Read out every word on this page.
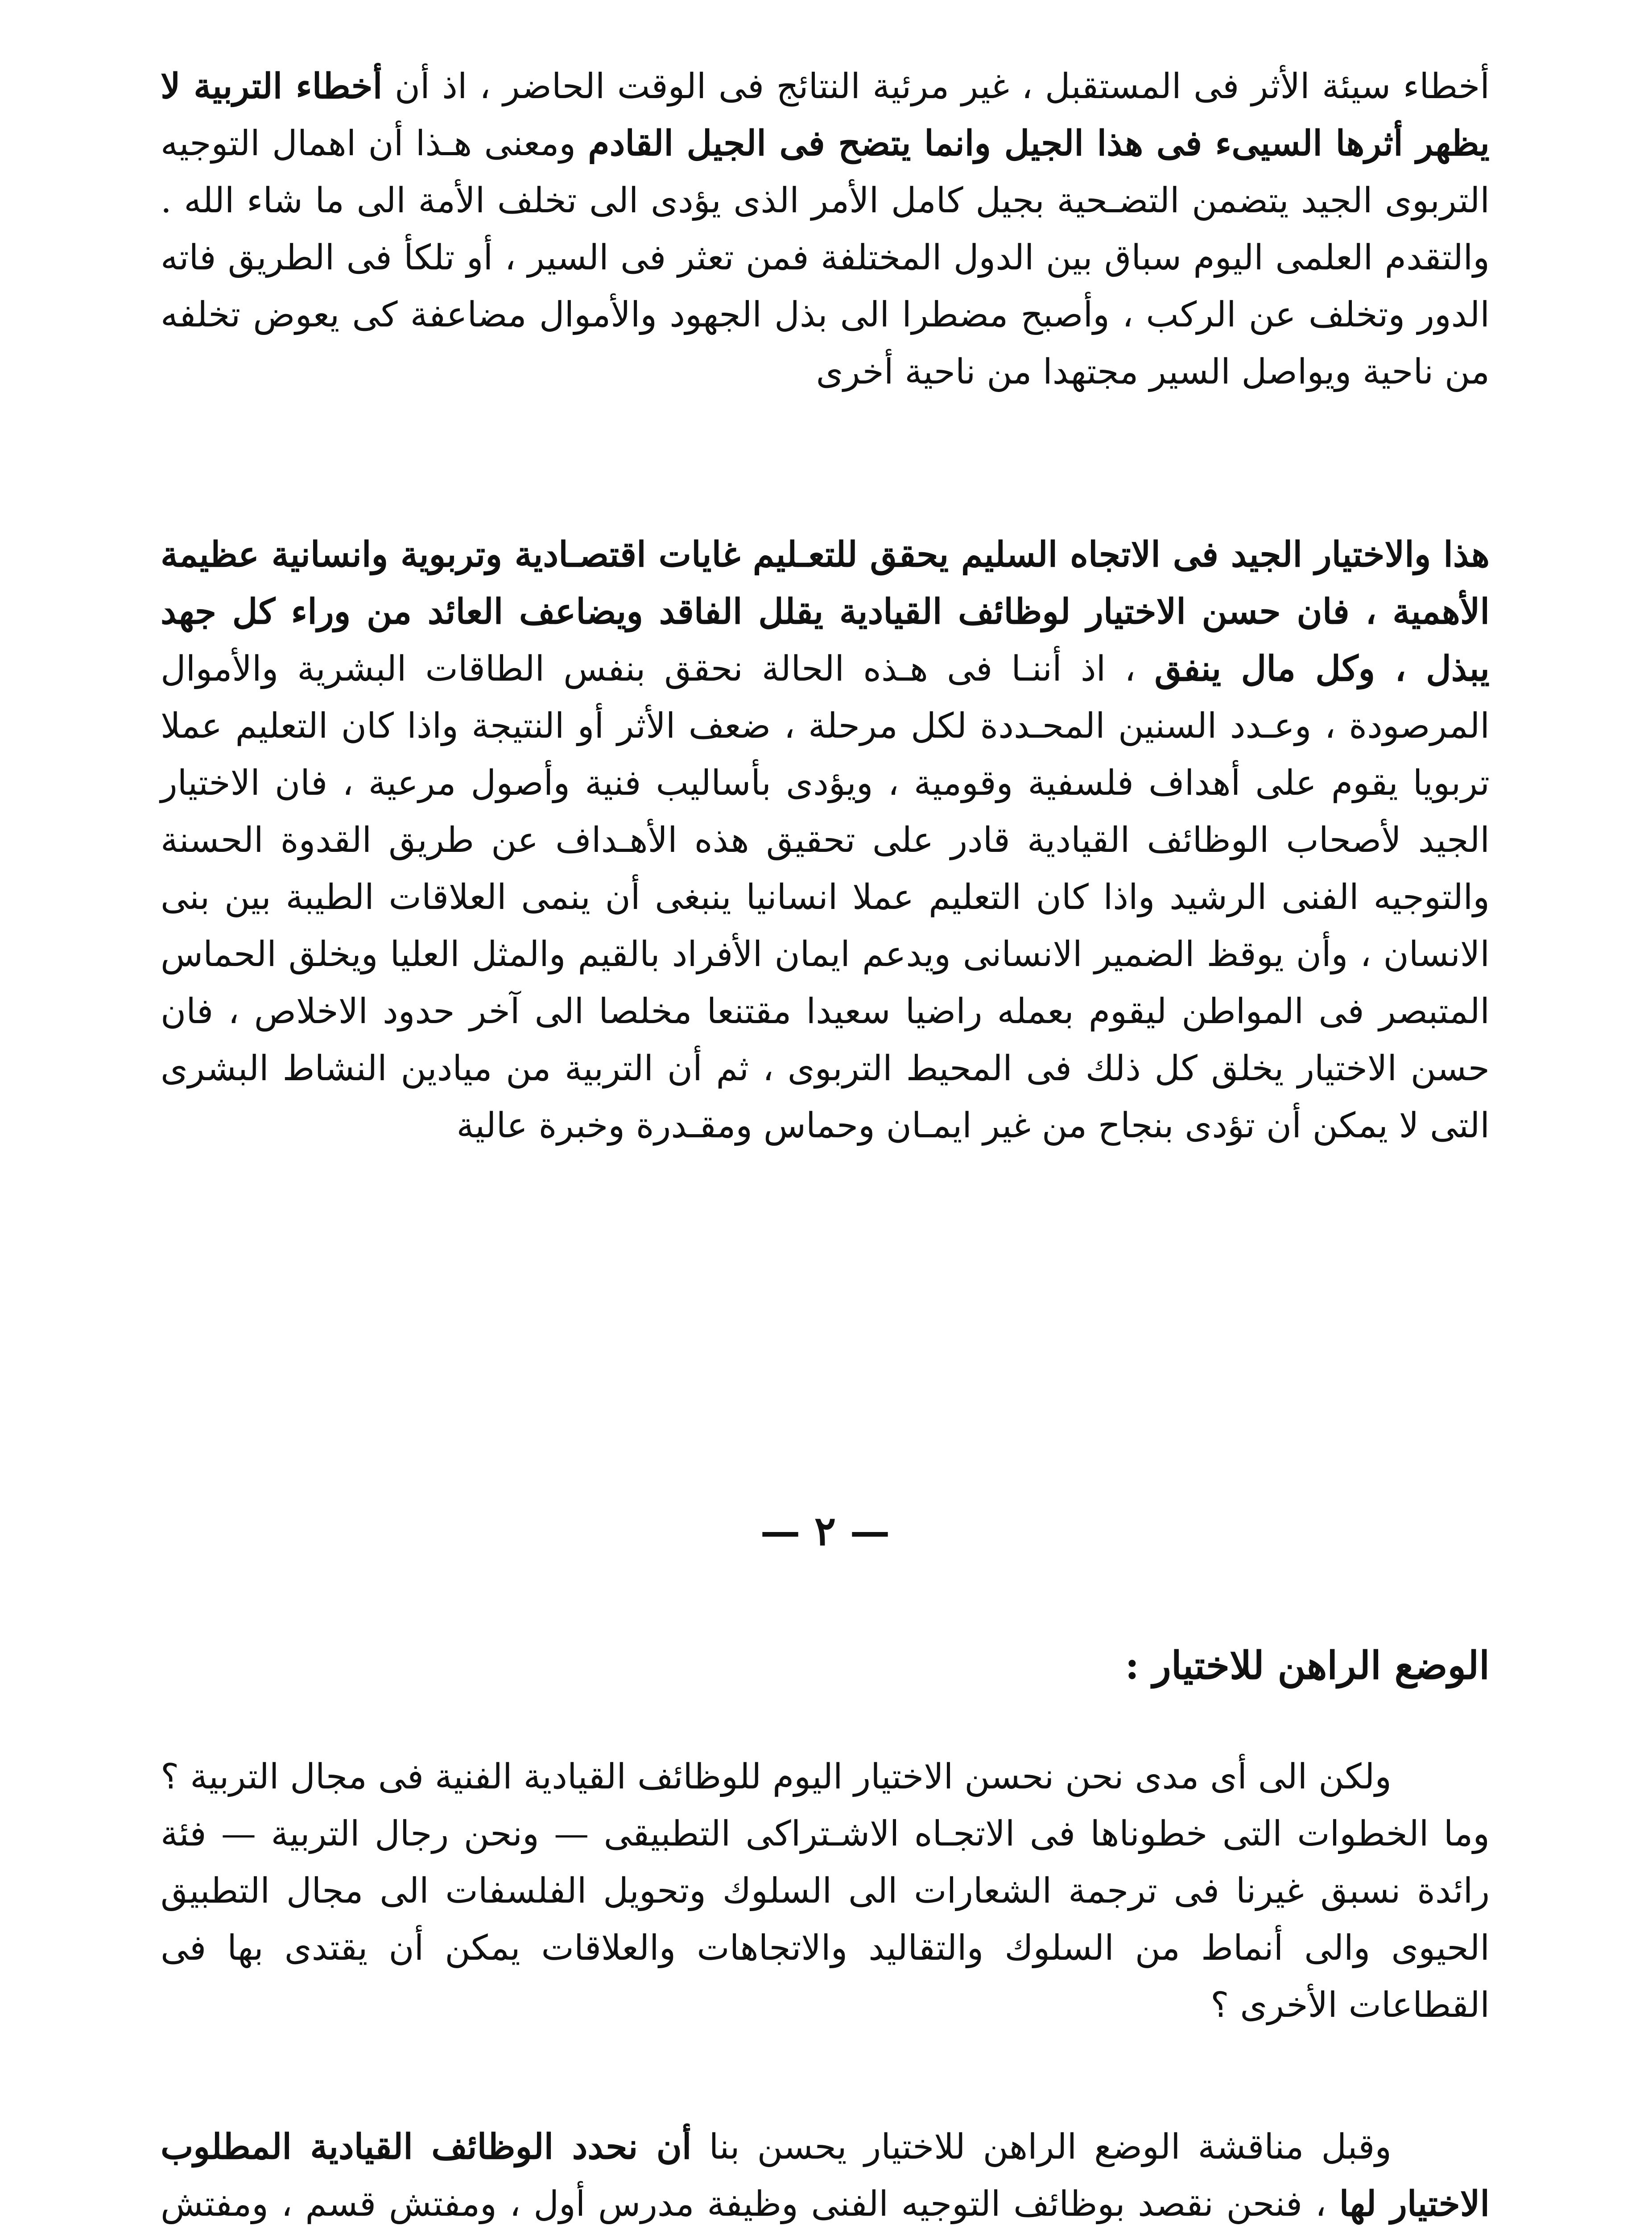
أخطاء سيئة الأثر فى المستقبل ، غير مرئية النتائج فى الوقت الحاضر ، اذ أن أخطاء التربية لا يظهر أثرها السيىء فى هذا الجيل وانما يتضح فى الجيل القادم ومعنى هـذا أن اهمال التوجيه التربوى الجيد يتضمن التضـحية بجيل كامل الأمر الذى يؤدى الى تخلف الأمة الى ما شاء الله . والتقدم العلمى اليوم سباق بين الدول المختلفة فمن تعثر فى السير ، أو تلكأ فى الطريق فاته الدور وتخلف عن الركب ، وأصبح مضطرا الى بذل الجهود والأموال مضاعفة كى يعوض تخلفه من ناحية ويواصل السير مجتهدا من ناحية أخرى

هذا والاختيار الجيد فى الاتجاه السليم يحقق للتعـليم غايات اقتصـادية وتربوية وانسانية عظيمة الأهمية ، فان حسن الاختيار لوظائف القيادية يقلل الفاقد ويضاعف العائد من وراء كل جهد يبذل ، وكل مال ينفق ، اذ أننـا فى هـذه الحالة نحقق بنفس الطاقات البشرية والأموال المرصودة ، وعـدد السنين المحـددة لكل مرحلة ، ضعف الأثر أو النتيجة واذا كان التعليم عملا تربويا يقوم على أهداف فلسفية وقومية ، ويؤدى بأساليب فنية وأصول مرعية ، فان الاختيار الجيد لأصحاب الوظائف القيادية قادر على تحقيق هذه الأهـداف عن طريق القدوة الحسنة والتوجيه الفنى الرشيد واذا كان التعليم عملا انسانيا ينبغى أن ينمى العلاقات الطيبة بين بنى الانسان ، وأن يوقظ الضمير الانسانى ويدعم ايمان الأفراد بالقيم والمثل العليا ويخلق الحماس المتبصر فى المواطن ليقوم بعمله راضيا سعيدا مقتنعا مخلصا الى آخر حدود الاخلاص ، فان حسن الاختيار يخلق كل ذلك فى المحيط التربوى ، ثم أن التربية من ميادين النشاط البشرى التى لا يمكن أن تؤدى بنجاح من غير ايمـان وحماس ومقـدرة وخبرة عالية

— ٢ —
الوضع الراهن للاختيار :

ولكن الى أى مدى نحن نحسن الاختيار اليوم للوظائف القيادية الفنية فى مجال التربية ؟ وما الخطوات التى خطوناها فى الاتجـاه الاشـتراكى التطبيقى — ونحن رجال التربية — فئة رائدة نسبق غيرنا فى ترجمة الشعارات الى السلوك وتحويل الفلسفات الى مجال التطبيق الحيوى والى أنماط من السلوك والتقاليد والاتجاهات والعلاقات يمكن أن يقتدى بها فى القطاعات الأخرى ؟

وقبل مناقشة الوضع الراهن للاختيار يحسن بنا أن نحدد الوظائف القيادية المطلوب الاختيار لها ، فنحن نقصد بوظائف التوجيه الفنى وظيفة مدرس أول ، ومفتش قسم ، ومفتش
